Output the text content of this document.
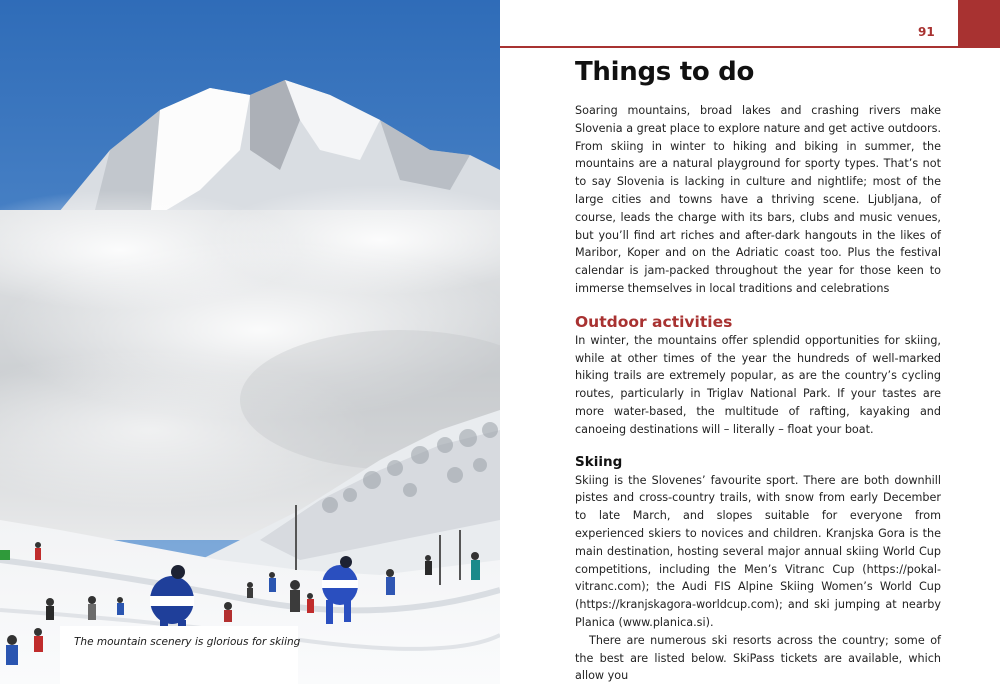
The mountain scenery is glorious for skiing
91
Things to do

Soaring mountains, broad lakes and crashing rivers make Slovenia a great place to explore nature and get active outdoors. From skiing in winter to hiking and biking in summer, the mountains are a natural playground for sporty types. That’s not to say Slovenia is lacking in culture and nightlife; most of the large cities and towns have a thriving scene. Ljubljana, of course, leads the charge with its bars, clubs and music venues, but you’ll find art riches and after-dark hangouts in the likes of Maribor, Koper and on the Adriatic coast too. Plus the festival calendar is jam-packed throughout the year for those keen to immerse themselves in local traditions and celebrations

Outdoor activities

In winter, the mountains offer splendid opportunities for skiing, while at other times of the year the hundreds of well-marked hiking trails are extremely popular, as are the country’s cycling routes, particularly in Triglav National Park. If your tastes are more water-based, the multitude of rafting, kayaking and canoeing destinations will – literally – float your boat.

Skiing

Skiing is the Slovenes’ favourite sport. There are both downhill pistes and cross-country trails, with snow from early December to late March, and slopes suitable for everyone from experienced skiers to novices and children. Kranjska Gora is the main destination, hosting several major annual skiing World Cup competitions, including the Men’s Vitranc Cup (https://pokal-vitranc.com); the Audi FIS Alpine Skiing Women’s World Cup (https://kranjskagora-worldcup.com); and ski jumping at nearby Planica (www.planica.si).

There are numerous ski resorts across the country; some of the best are listed below. SkiPass tickets are available, which allow you
